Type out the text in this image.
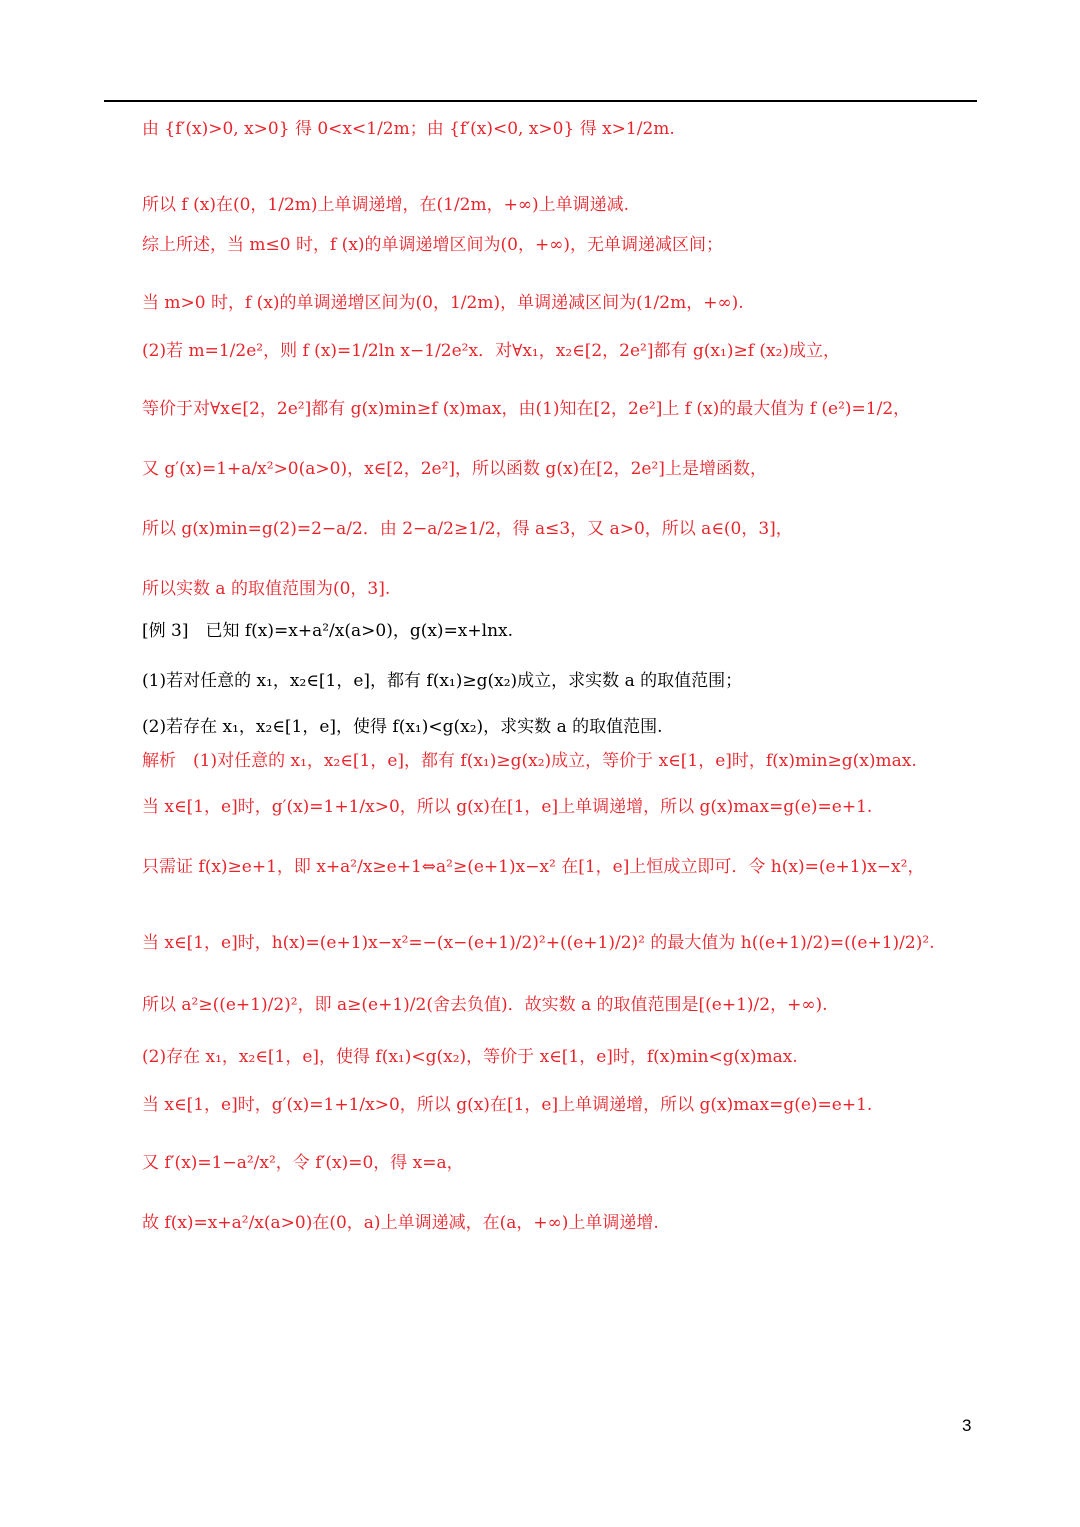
由 {f′(x)>0, x>0} 得 0<x<1/2m；由 {f′(x)<0, x>0} 得 x>1/2m.
所以 f (x)在(0，1/2m)上单调递增，在(1/2m，+∞)上单调递减.
综上所述，当 m≤0 时，f (x)的单调递增区间为(0，+∞)，无单调递减区间；
当 m>0 时，f (x)的单调递增区间为(0，1/2m)，单调递减区间为(1/2m，+∞).
(2)若 m=1/2e²，则 f (x)=1/2ln x−1/2e²x．对∀x₁，x₂∈[2，2e²]都有 g(x₁)≥f (x₂)成立，
等价于对∀x∈[2，2e²]都有 g(x)min≥f (x)max，由(1)知在[2，2e²]上 f (x)的最大值为 f (e²)=1/2，
又 g′(x)=1+a/x²>0(a>0)，x∈[2，2e²]，所以函数 g(x)在[2，2e²]上是增函数，
所以 g(x)min=g(2)=2−a/2．由 2−a/2≥1/2，得 a≤3，又 a>0，所以 a∈(0，3]，
所以实数 a 的取值范围为(0，3].
[例 3]　已知 f(x)=x+a²/x(a>0)，g(x)=x+lnx.
(1)若对任意的 x₁，x₂∈[1，e]，都有 f(x₁)≥g(x₂)成立，求实数 a 的取值范围；
(2)若存在 x₁，x₂∈[1，e]，使得 f(x₁)<g(x₂)，求实数 a 的取值范围.
解析　(1)对任意的 x₁，x₂∈[1，e]，都有 f(x₁)≥g(x₂)成立，等价于 x∈[1，e]时，f(x)min≥g(x)max.
当 x∈[1，e]时，g′(x)=1+1/x>0，所以 g(x)在[1，e]上单调递增，所以 g(x)max=g(e)=e+1.
只需证 f(x)≥e+1，即 x+a²/x≥e+1⇔a²≥(e+1)x−x² 在[1，e]上恒成立即可．令 h(x)=(e+1)x−x²，
当 x∈[1，e]时，h(x)=(e+1)x−x²=−(x−(e+1)/2)²+((e+1)/2)² 的最大值为 h((e+1)/2)=((e+1)/2)².
所以 a²≥((e+1)/2)²，即 a≥(e+1)/2(舍去负值)．故实数 a 的取值范围是[(e+1)/2，+∞).
(2)存在 x₁，x₂∈[1，e]，使得 f(x₁)<g(x₂)，等价于 x∈[1，e]时，f(x)min<g(x)max.
当 x∈[1，e]时，g′(x)=1+1/x>0，所以 g(x)在[1，e]上单调递增，所以 g(x)max=g(e)=e+1.
又 f′(x)=1−a²/x²，令 f′(x)=0，得 x=a，
故 f(x)=x+a²/x(a>0)在(0，a)上单调递减，在(a，+∞)上单调递增.
3
